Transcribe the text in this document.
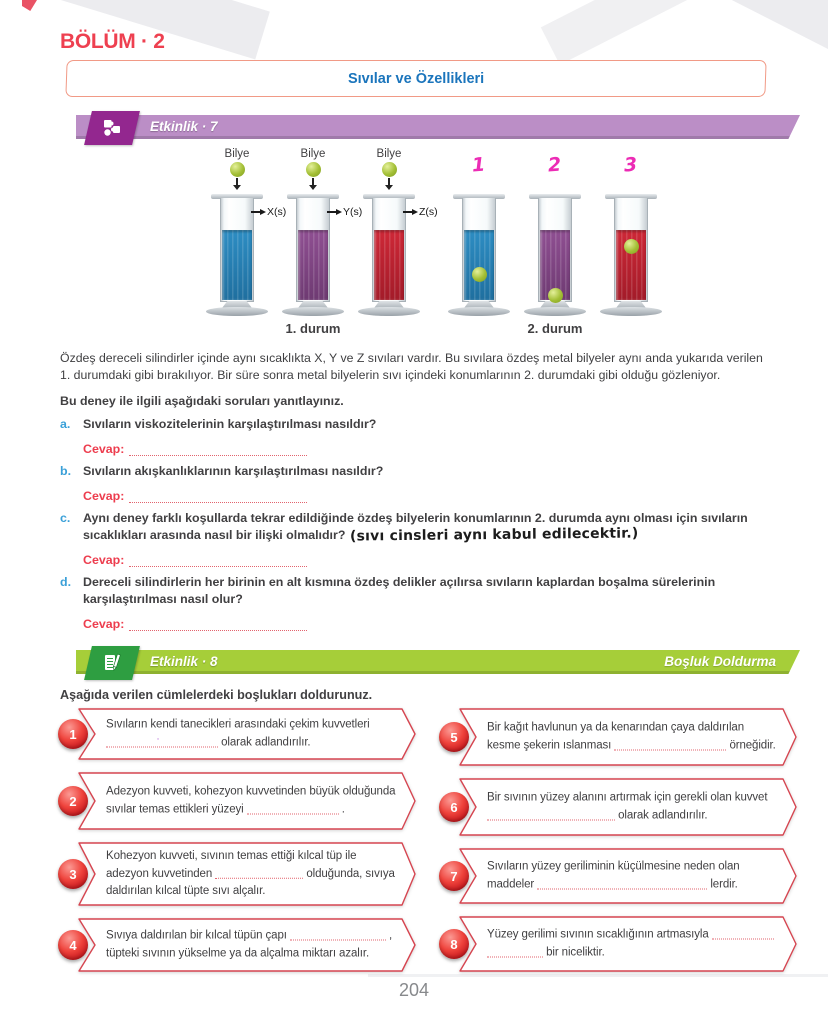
BÖLÜM · 2
Sıvılar ve Özellikleri
Etkinlik · 7
Bilye
X(s)
Bilye
Y(s)
Bilye
Z(s)
1. durum
1	2	3
2. durum
Özdeş dereceli silindirler içinde aynı sıcaklıkta X, Y ve Z sıvıları vardır. Bu sıvılara özdeş metal bilyeler aynı anda yukarıda verilen 1. durumdaki gibi bırakılıyor. Bir süre sonra metal bilyelerin sıvı içindeki konumlarının 2. durumdaki gibi olduğu gözleniyor.
Bu deney ile ilgili aşağıdaki soruları yanıtlayınız.
a.	Sıvıların viskozitelerinin karşılaştırılması nasıldır?
Cevap:
b. Sıvıların akışkanlıklarının karşılaştırılması nasıldır?
Cevap:
c.	Aynı deney farklı koşullarda tekrar edildiğinde özdeş bilyelerin konumlarının 2. durumda aynı olması için sıvıların sıcaklıkları arasında nasıl bir ilişki olmalıdır? (sıvı cinsleri aynı kabul edilecektir.)
Cevap:
d. Dereceli silindirlerin her birinin en alt kısmına özdeş delikler açılırsa sıvıların kaplardan boşalma sürelerinin karşılaştırılması nasıl olur?
Cevap:
Etkinlik · 8	Boşluk Doldurma
Aşağıda verilen cümlelerdeki boşlukları doldurunuz.
1
Sıvıların kendi tanecikleri arasındaki çekim kuvvetleri
·	olarak adlandırılır.
2
Adezyon kuvveti, kohezyon kuvvetinden büyük olduğunda sıvılar temas ettikleri yüzeyi	.
3
Kohezyon kuvveti, sıvının temas ettiği kılcal tüp ile adezyon kuvvetinden	olduğunda, sıvıya daldırılan kılcal tüpte sıvı alçalır.
4
Sıvıya daldırılan bir kılcal tüpün çapı	, tüpteki sıvının yükselme ya da alçalma miktarı azalır.
5
Bir kağıt havlunun ya da kenarından çaya daldırılan kesme şekerin ıslanması	örneğidir.
6
Bir sıvının yüzey alanını artırmak için gerekli olan kuvvet  olarak adlandırılır.
7
Sıvıların yüzey geriliminin küçülmesine neden olan maddeler	lerdir.
8
Yüzey gerilimi sıvının sıcaklığının artmasıyla
bir niceliktir.
204
